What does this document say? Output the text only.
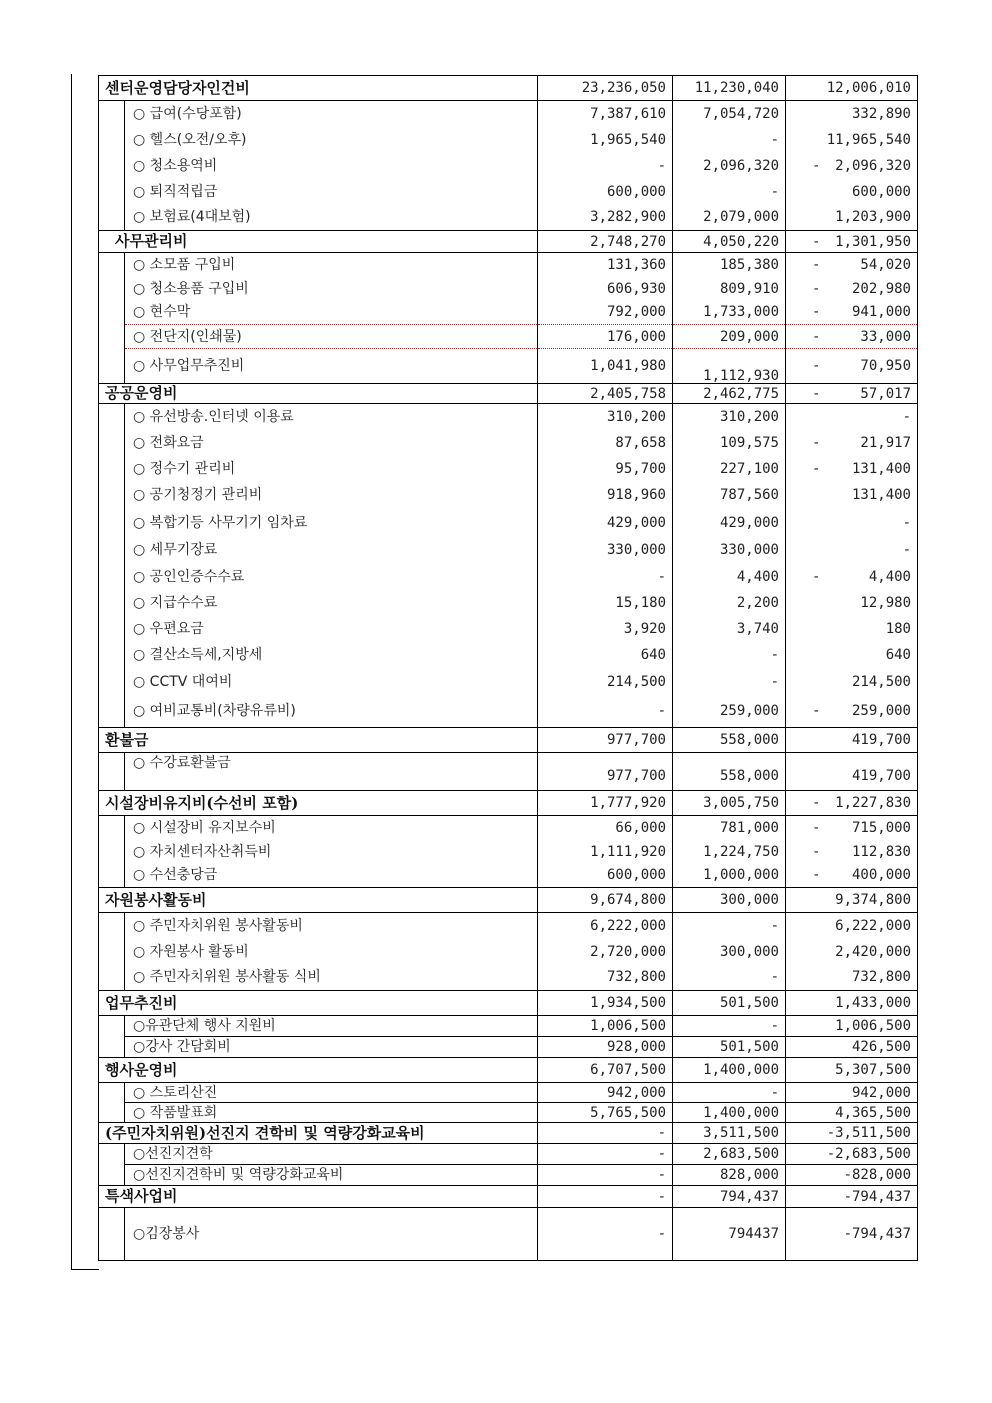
센터운영담당자인건비		23,236,050	11,230,040	12,006,010
	○ 급여(수당포함)	7,387,610	7,054,720	332,890
	○ 헬스(오전/오후)	1,965,540	-	11,965,540
	○ 청소용역비	-	2,096,320	- 2,096,320
	○ 퇴직적립금	600,000	-	600,000
	○ 보험료(4대보험)	3,282,900	2,079,000	1,203,900
사무관리비		2,748,270	4,050,220	- 1,301,950
	○ 소모품 구입비	131,360	185,380	- 54,020
	○ 청소용품 구입비	606,930	809,910	- 202,980
	○ 현수막	792,000	1,733,000	- 941,000
	○ 전단지(인쇄물)	176,000	209,000	- 33,000
	○ 사무업무추진비	1,041,980	1,112,930	- 70,950
공공운영비		2,405,758	2,462,775	- 57,017
	○ 유선방송.인터넷 이용료	310,200	310,200	-
	○ 전화요금	87,658	109,575	- 21,917
	○ 정수기 관리비	95,700	227,100	- 131,400
	○ 공기청정기 관리비	918,960	787,560	131,400
	○ 복합기등 사무기기 임차료	429,000	429,000	-
	○ 세무기장료	330,000	330,000	-
	○ 공인인증수수료	-	4,400	- 4,400
	○ 지급수수료	15,180	2,200	12,980
	○ 우편요금	3,920	3,740	180
	○ 결산소득세,지방세	640	-	640
	○ CCTV 대여비	214,500	-	214,500
	○ 여비교통비(차량유류비)	-	259,000	- 259,000
환불금		977,700	558,000	419,700
	○ 수강료환불금	977,700	558,000	419,700
시설장비유지비(수선비 포함)		1,777,920	3,005,750	- 1,227,830
	○ 시설장비 유지보수비	66,000	781,000	- 715,000
	○ 자치센터자산취득비	1,111,920	1,224,750	- 112,830
	○ 수선충당금	600,000	1,000,000	- 400,000
자원봉사활동비		9,674,800	300,000	9,374,800
	○ 주민자치위원 봉사활동비	6,222,000	-	6,222,000
	○ 자원봉사 활동비	2,720,000	300,000	2,420,000
	○ 주민자치위원 봉사활동 식비	732,800	-	732,800
업무추진비		1,934,500	501,500	1,433,000
	○유관단체 행사 지원비	1,006,500	-	1,006,500
	○강사 간담회비	928,000	501,500	426,500
행사운영비		6,707,500	1,400,000	5,307,500
	○ 스토리산진	942,000	-	942,000
	○ 작품발표회	5,765,500	1,400,000	4,365,500
(주민자치위원)선진지 견학비 및 역량강화교육비		-	3,511,500	-3,511,500
	○선진지견학	-	2,683,500	-2,683,500
	○선진지견학비 및 역량강화교육비	-	828,000	-828,000
특색사업비		-	794,437	-794,437
	○김장봉사	-	794437	-794,437
